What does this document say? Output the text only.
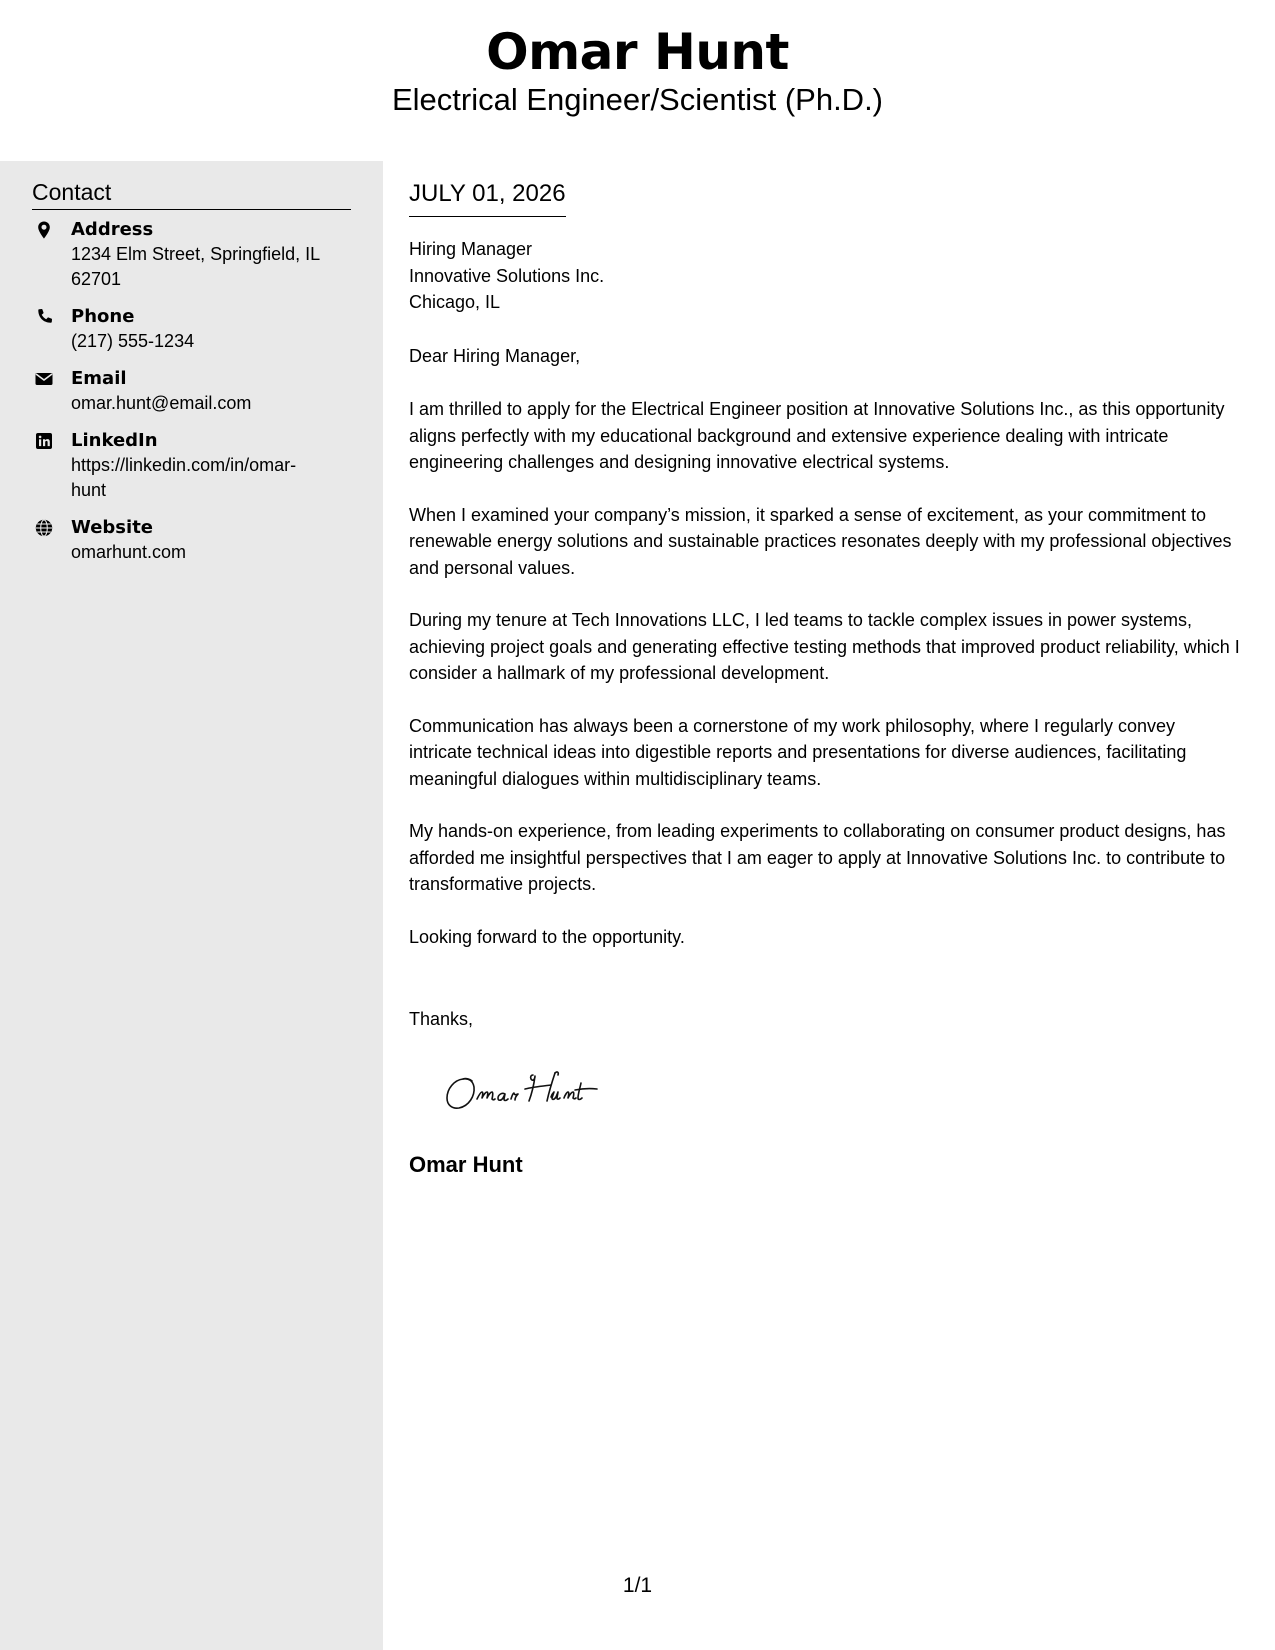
Omar Hunt
Electrical Engineer/Scientist (Ph.D.)
Contact
Address
1234 Elm Street, Springfield, IL 62701
Phone
(217) 555-1234
Email
omar.hunt@email.com
LinkedIn
https://linkedin.com/in/omar-hunt
Website
omarhunt.com
JULY 01, 2026
Hiring Manager
Innovative Solutions Inc.
Chicago, IL
Dear Hiring Manager,

I am thrilled to apply for the Electrical Engineer position at Innovative Solutions Inc., as this opportunity aligns perfectly with my educational background and extensive experience dealing with intricate engineering challenges and designing innovative electrical systems.

When I examined your company’s mission, it sparked a sense of excitement, as your commitment to renewable energy solutions and sustainable practices resonates deeply with my professional objectives and personal values.

During my tenure at Tech Innovations LLC, I led teams to tackle complex issues in power systems, achieving project goals and generating effective testing methods that improved product reliability, which I consider a hallmark of my professional development.

Communication has always been a cornerstone of my work philosophy, where I regularly convey intricate technical ideas into digestible reports and presentations for diverse audiences, facilitating meaningful dialogues within multidisciplinary teams.

My hands-on experience, from leading experiments to collaborating on consumer product designs, has afforded me insightful perspectives that I am eager to apply at Innovative Solutions Inc. to contribute to transformative projects.

Looking forward to the opportunity.

Thanks,
Omar Hunt
1/1
